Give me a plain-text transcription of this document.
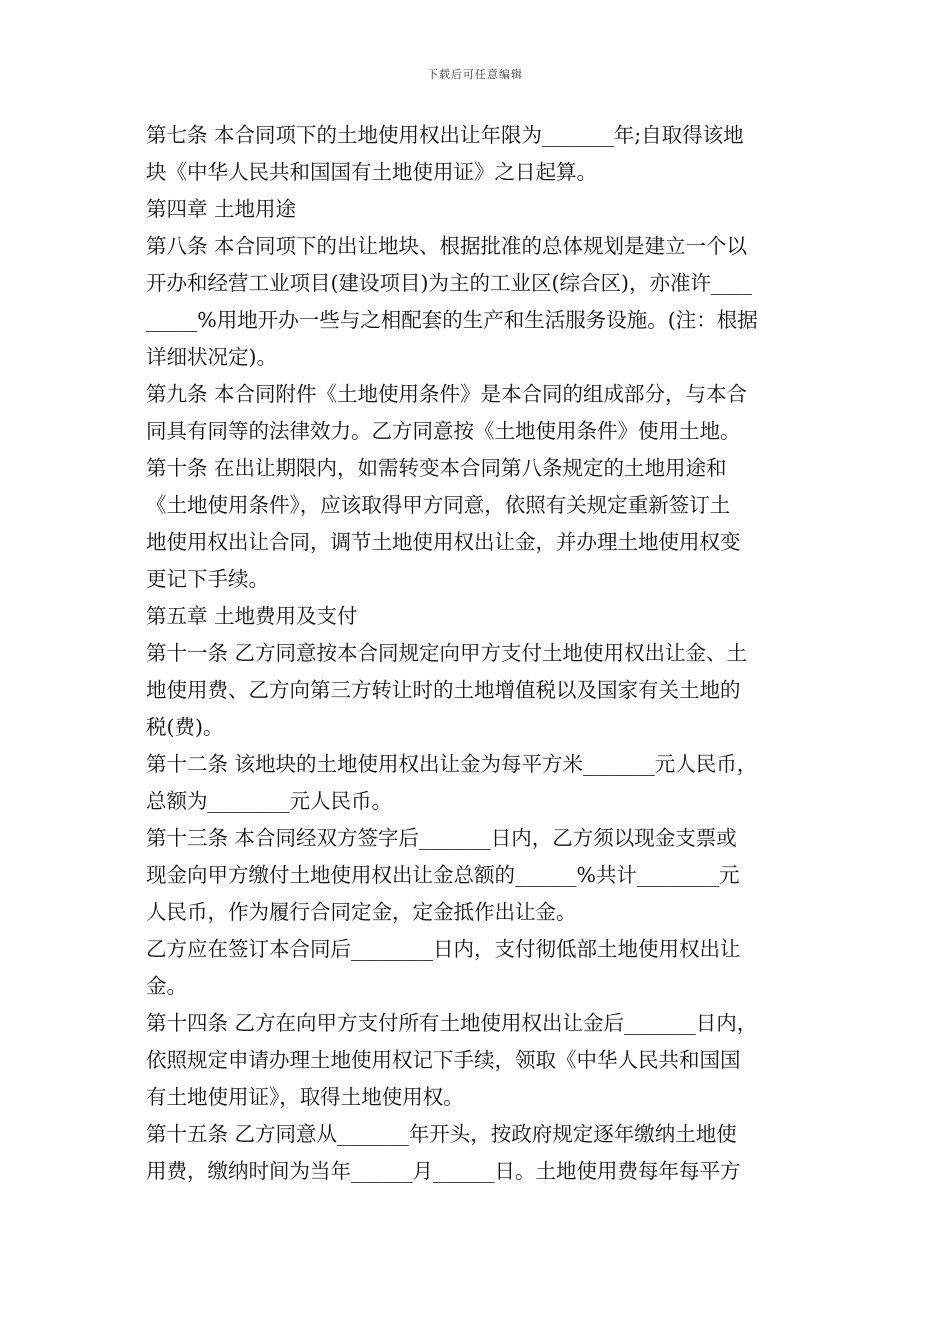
下载后可任意编辑
第七条 本合同项下的土地使用权出让年限为_______年;自取得该地
块《中华人民共和国国有土地使用证》之日起算。
第四章 土地用途
第八条 本合同项下的出让地块、根据批准的总体规划是建立一个以
开办和经营工业项目(建设项目)为主的工业区(综合区)，亦准许____
_____%用地开办一些与之相配套的生产和生活服务设施。(注：根据
详细状况定)。
第九条 本合同附件《土地使用条件》是本合同的组成部分，与本合
同具有同等的法律效力。乙方同意按《土地使用条件》使用土地。
第十条 在出让期限内，如需转变本合同第八条规定的土地用途和
《土地使用条件》，应该取得甲方同意，依照有关规定重新签订土
地使用权出让合同，调节土地使用权出让金，并办理土地使用权变
更记下手续。
第五章 土地费用及支付
第十一条 乙方同意按本合同规定向甲方支付土地使用权出让金、土
地使用费、乙方向第三方转让时的土地增值税以及国家有关土地的
税(费)。
第十二条 该地块的土地使用权出让金为每平方米_______元人民币，
总额为________元人民币。
第十三条 本合同经双方签字后_______日内，乙方须以现金支票或
现金向甲方缴付土地使用权出让金总额的______%共计________元
人民币，作为履行合同定金，定金抵作出让金。
乙方应在签订本合同后________日内，支付彻低部土地使用权出让
金。
第十四条 乙方在向甲方支付所有土地使用权出让金后_______日内，
依照规定申请办理土地使用权记下手续，领取《中华人民共和国国
有土地使用证》，取得土地使用权。
第十五条 乙方同意从_______年开头，按政府规定逐年缴纳土地使
用费，缴纳时间为当年______月______日。土地使用费每年每平方
